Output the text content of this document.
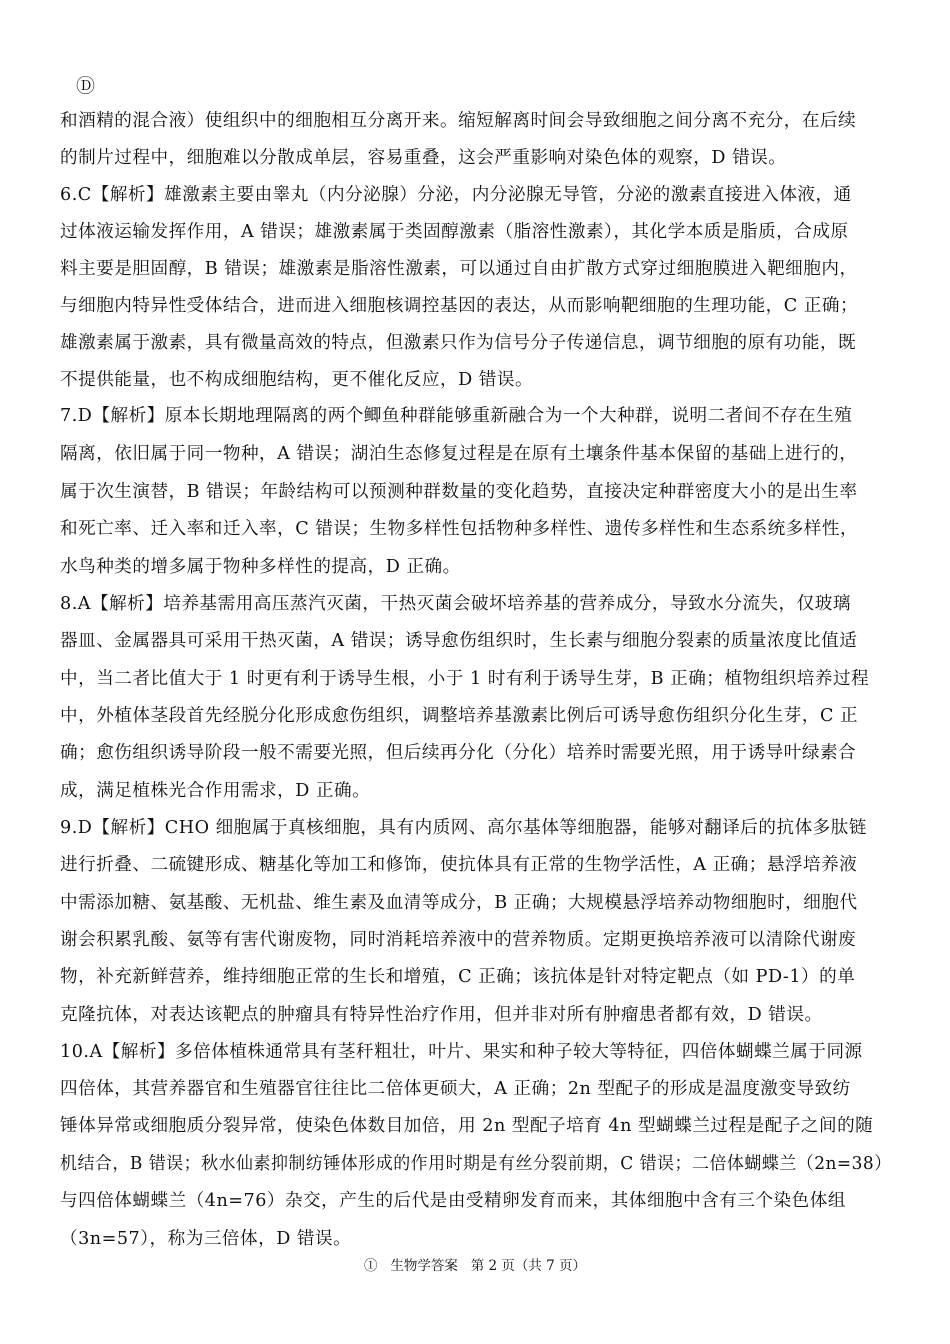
Ⓓ
和酒精的混合液）使组织中的细胞相互分离开来。缩短解离时间会导致细胞之间分离不充分，在后续
的制片过程中，细胞难以分散成单层，容易重叠，这会严重影响对染色体的观察，D 错误。
6.C【解析】雄激素主要由睾丸（内分泌腺）分泌，内分泌腺无导管，分泌的激素直接进入体液，通
过体液运输发挥作用，A 错误；雄激素属于类固醇激素（脂溶性激素），其化学本质是脂质，合成原
料主要是胆固醇，B 错误；雄激素是脂溶性激素，可以通过自由扩散方式穿过细胞膜进入靶细胞内，
与细胞内特异性受体结合，进而进入细胞核调控基因的表达，从而影响靶细胞的生理功能，C 正确；
雄激素属于激素，具有微量高效的特点，但激素只作为信号分子传递信息，调节细胞的原有功能，既
不提供能量，也不构成细胞结构，更不催化反应，D 错误。
7.D【解析】原本长期地理隔离的两个鲫鱼种群能够重新融合为一个大种群，说明二者间不存在生殖
隔离，依旧属于同一物种，A 错误；湖泊生态修复过程是在原有土壤条件基本保留的基础上进行的，
属于次生演替，B 错误；年龄结构可以预测种群数量的变化趋势，直接决定种群密度大小的是出生率
和死亡率、迁入率和迁入率，C 错误；生物多样性包括物种多样性、遗传多样性和生态系统多样性，
水鸟种类的增多属于物种多样性的提高，D 正确。
8.A【解析】培养基需用高压蒸汽灭菌，干热灭菌会破坏培养基的营养成分，导致水分流失，仅玻璃
器皿、金属器具可采用干热灭菌，A 错误；诱导愈伤组织时，生长素与细胞分裂素的质量浓度比值适
中，当二者比值大于 1 时更有利于诱导生根，小于 1 时有利于诱导生芽，B 正确；植物组织培养过程
中，外植体茎段首先经脱分化形成愈伤组织，调整培养基激素比例后可诱导愈伤组织分化生芽，C 正
确；愈伤组织诱导阶段一般不需要光照，但后续再分化（分化）培养时需要光照，用于诱导叶绿素合
成，满足植株光合作用需求，D 正确。
9.D【解析】CHO 细胞属于真核细胞，具有内质网、高尔基体等细胞器，能够对翻译后的抗体多肽链
进行折叠、二硫键形成、糖基化等加工和修饰，使抗体具有正常的生物学活性，A 正确；悬浮培养液
中需添加糖、氨基酸、无机盐、维生素及血清等成分，B 正确；大规模悬浮培养动物细胞时，细胞代
谢会积累乳酸、氨等有害代谢废物，同时消耗培养液中的营养物质。定期更换培养液可以清除代谢废
物，补充新鲜营养，维持细胞正常的生长和增殖，C 正确；该抗体是针对特定靶点（如 PD-1）的单
克隆抗体，对表达该靶点的肿瘤具有特异性治疗作用，但并非对所有肿瘤患者都有效，D 错误。
10.A【解析】多倍体植株通常具有茎秆粗壮，叶片、果实和种子较大等特征，四倍体蝴蝶兰属于同源
四倍体，其营养器官和生殖器官往往比二倍体更硕大，A 正确；2n 型配子的形成是温度激变导致纺
锤体异常或细胞质分裂异常，使染色体数目加倍，用 2n 型配子培育 4n 型蝴蝶兰过程是配子之间的随
机结合，B 错误；秋水仙素抑制纺锤体形成的作用时期是有丝分裂前期，C 错误；二倍体蝴蝶兰（2n=38）
与四倍体蝴蝶兰（4n=76）杂交，产生的后代是由受精卵发育而来，其体细胞中含有三个染色体组
（3n=57），称为三倍体，D 错误。
①   生物学答案   第 2 页（共 7 页）
